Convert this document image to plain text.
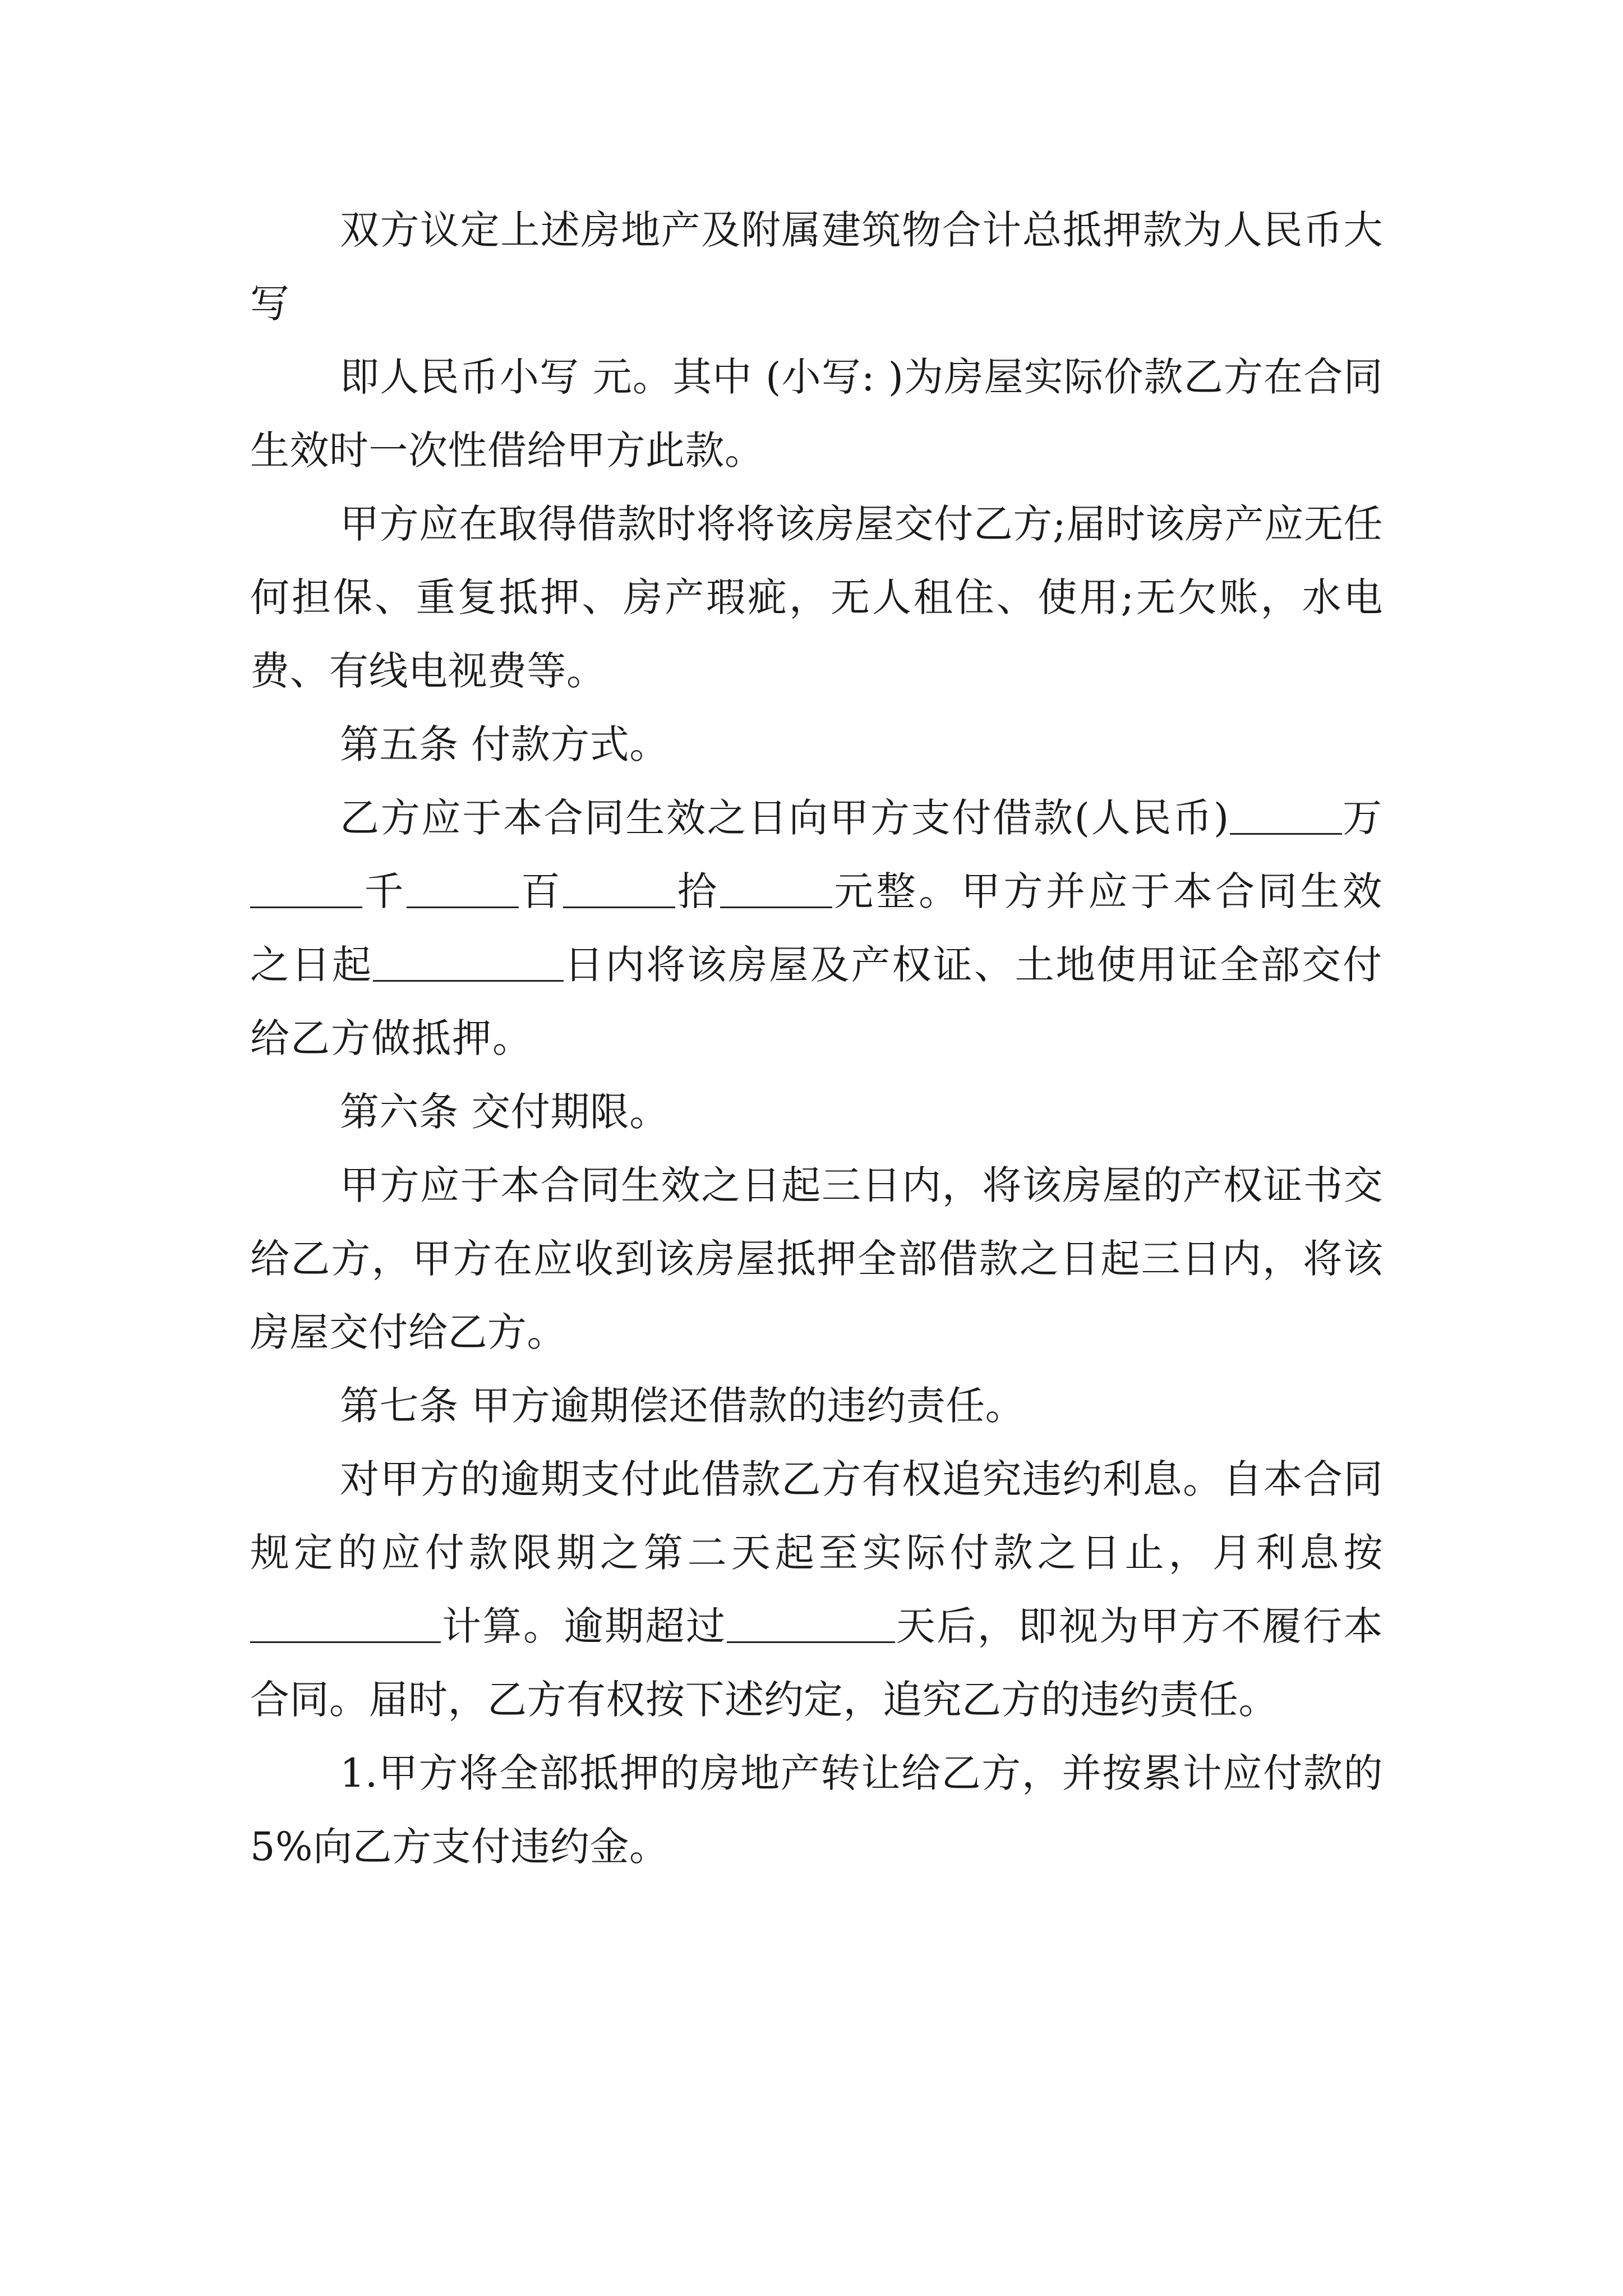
双方议定上述房地产及附属建筑物合计总抵押款为人民币大写

即人民币小写 元。其中 (小写: )为房屋实际价款乙方在合同生效时一次性借给甲方此款。

甲方应在取得借款时将将该房屋交付乙方;届时该房产应无任何担保、重复抵押、房产瑕疵，无人租住、使用;无欠账，水电费、有线电视费等。

第五条 付款方式。

乙方应于本合同生效之日向甲方支付借款(人民币)	万千	百	拾	元整。甲方并应于本合同生效之日起	日内将该房屋及产权证、土地使用证全部交付给乙方做抵押。

第六条 交付期限。

甲方应于本合同生效之日起三日内，将该房屋的产权证书交给乙方，甲方在应收到该房屋抵押全部借款之日起三日内，将该房屋交付给乙方。

第七条 甲方逾期偿还借款的违约责任。

对甲方的逾期支付此借款乙方有权追究违约利息。自本合同规定的应付款限期之第二天起至实际付款之日止，月利息按计算。逾期超过	天后，即视为甲方不履行本合同。届时，乙方有权按下述约定，追究乙方的违约责任。

1.甲方将全部抵押的房地产转让给乙方，并按累计应付款的 5%向乙方支付违约金。
